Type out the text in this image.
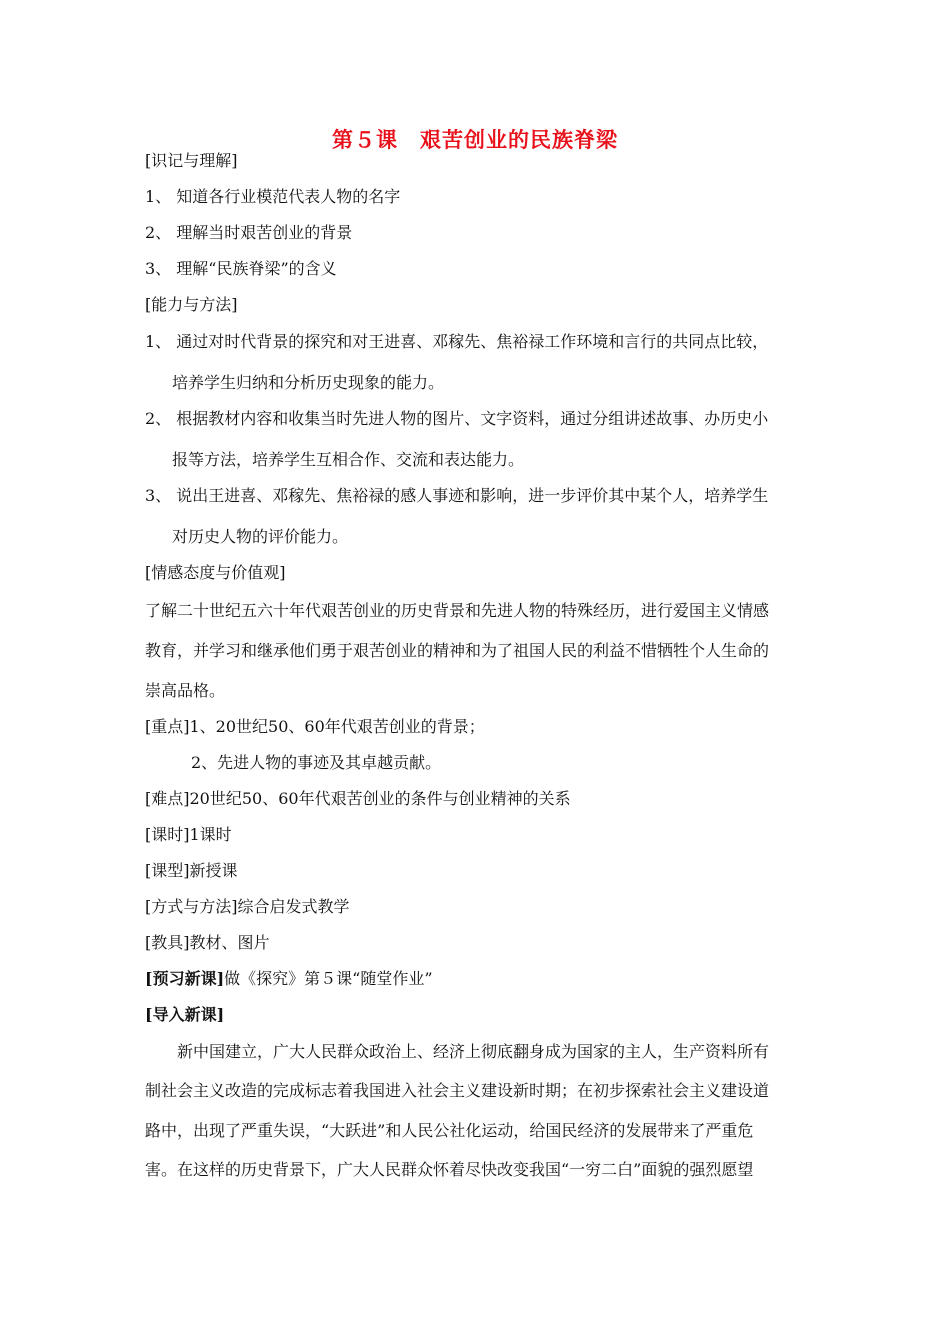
第５课　艰苦创业的民族脊梁
[识记与理解]
1、 知道各行业模范代表人物的名字
2、 理解当时艰苦创业的背景
3、 理解“民族脊梁”的含义
[能力与方法]
1、 通过对时代背景的探究和对王进喜、邓稼先、焦裕禄工作环境和言行的共同点比较，
培养学生归纳和分析历史现象的能力。
2、 根据教材内容和收集当时先进人物的图片、文字资料，通过分组讲述故事、办历史小
报等方法，培养学生互相合作、交流和表达能力。
3、 说出王进喜、邓稼先、焦裕禄的感人事迹和影响，进一步评价其中某个人，培养学生
对历史人物的评价能力。
[情感态度与价值观]
了解二十世纪五六十年代艰苦创业的历史背景和先进人物的特殊经历，进行爱国主义情感
教育，并学习和继承他们勇于艰苦创业的精神和为了祖国人民的利益不惜牺牲个人生命的
崇高品格。
[重点]1、20世纪50、60年代艰苦创业的背景；
2、先进人物的事迹及其卓越贡献。
[难点]20世纪50、60年代艰苦创业的条件与创业精神的关系
[课时]1课时
[课型]新授课
[方式与方法]综合启发式教学
[教具]教材、图片
[预习新课]做《探究》第５课“随堂作业”
[导入新课]
　　新中国建立，广大人民群众政治上、经济上彻底翻身成为国家的主人，生产资料所有
制社会主义改造的完成标志着我国进入社会主义建设新时期；在初步探索社会主义建设道
路中，出现了严重失误，“大跃进”和人民公社化运动，给国民经济的发展带来了严重危
害。在这样的历史背景下，广大人民群众怀着尽快改变我国“一穷二白”面貌的强烈愿望
